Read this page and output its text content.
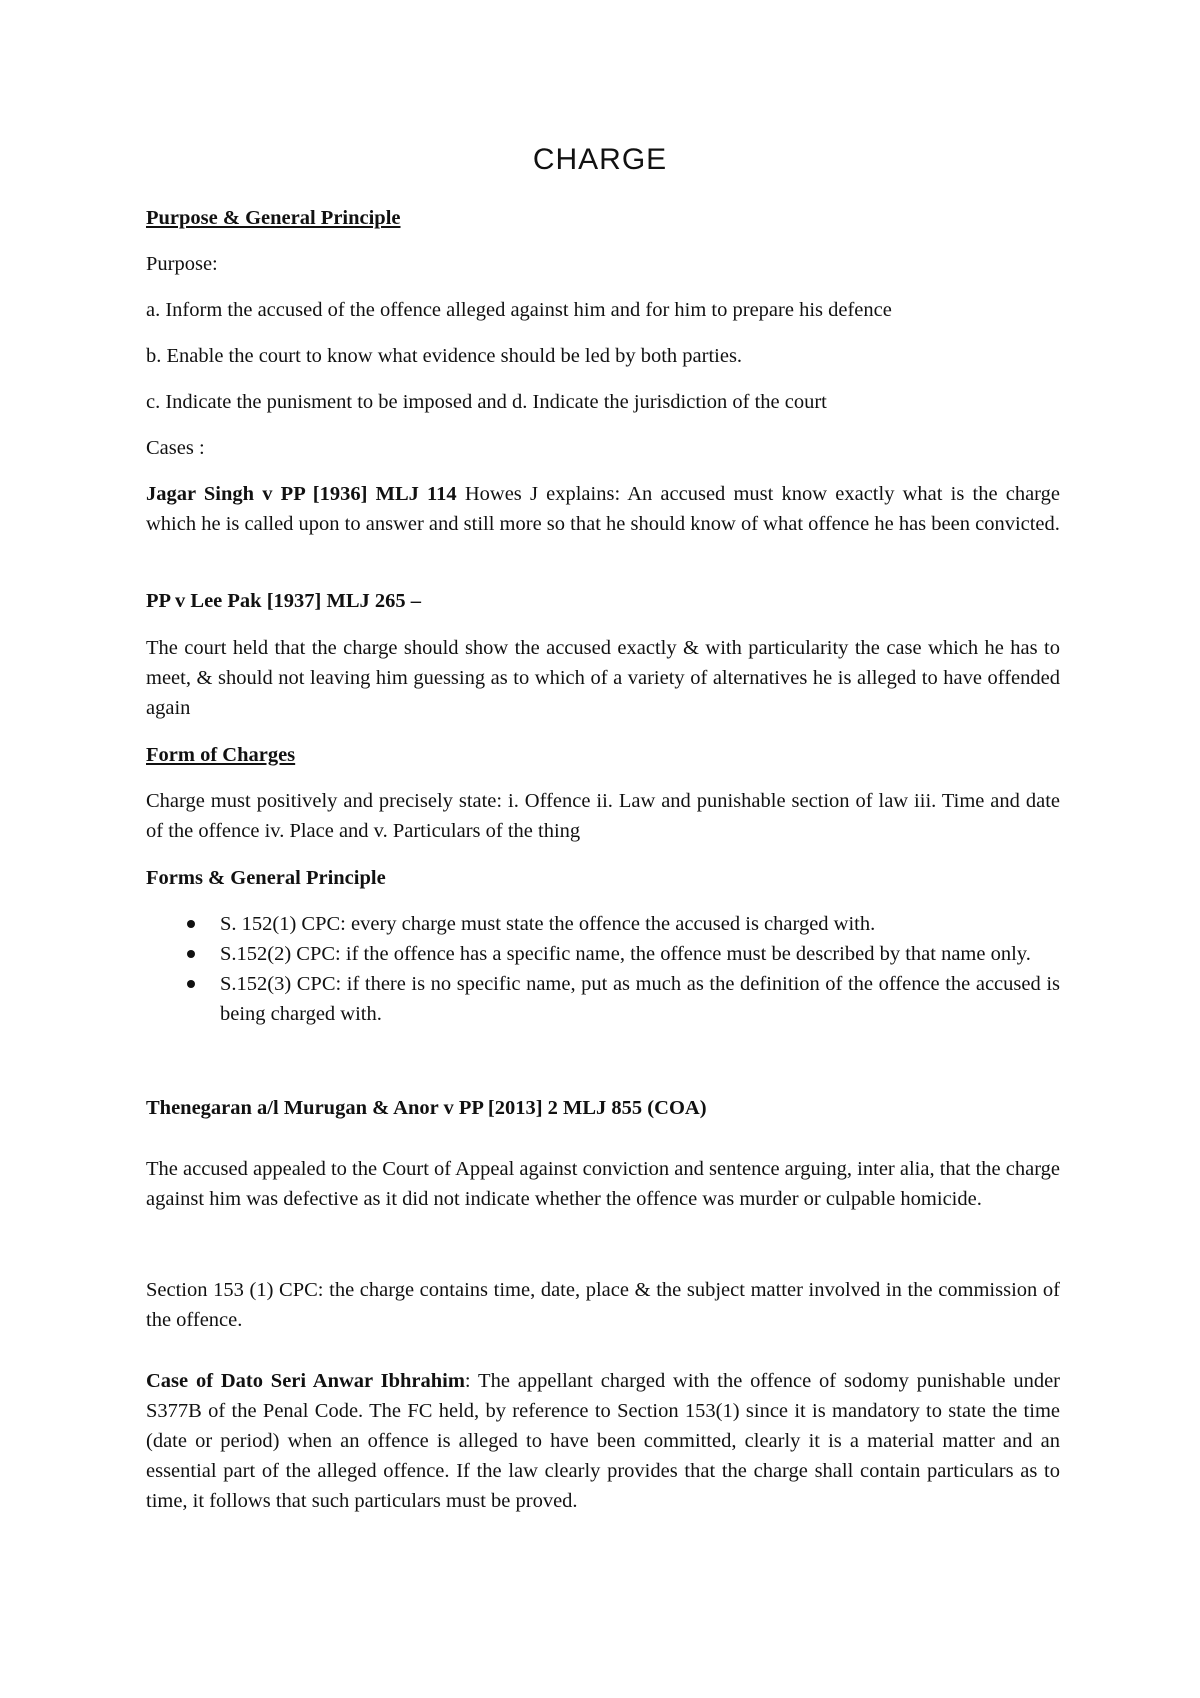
CHARGE

Purpose & General Principle

Purpose:

a. Inform the accused of the offence alleged against him and for him to prepare his defence

b. Enable the court to know what evidence should be led by both parties.

c. Indicate the punisment to be imposed and d. Indicate the jurisdiction of the court

Cases :

Jagar Singh v PP [1936] MLJ 114 Howes J explains: An accused must know exactly what is the charge which he is called upon to answer and still more so that he should know of what offence he has been convicted.

PP v Lee Pak [1937] MLJ 265 –

The court held that the charge should show the accused exactly & with particularity the case which he has to meet, & should not leaving him guessing as to which of a variety of alternatives he is alleged to have offended again

Form of Charges

Charge must positively and precisely state: i. Offence ii. Law and punishable section of law iii. Time and date of the offence iv. Place and v. Particulars of the thing

Forms & General Principle

S. 152(1) CPC: every charge must state the offence the accused is charged with.
S.152(2) CPC: if the offence has a specific name, the offence must be described by that name only.
S.152(3) CPC: if there is no specific name, put as much as the definition of the offence the accused is being charged with.

Thenegaran a/l Murugan & Anor v PP [2013] 2 MLJ 855 (COA)

The accused appealed to the Court of Appeal against conviction and sentence arguing, inter alia, that the charge against him was defective as it did not indicate whether the offence was murder or culpable homicide.

Section 153 (1) CPC: the charge contains time, date, place & the subject matter involved in the commission of the offence.

Case of Dato Seri Anwar Ibhrahim: The appellant charged with the offence of sodomy punishable under S377B of the Penal Code. The FC held, by reference to Section 153(1) since it is mandatory to state the time (date or period) when an offence is alleged to have been committed, clearly it is a material matter and an essential part of the alleged offence. If the law clearly provides that the charge shall contain particulars as to time, it follows that such particulars must be proved.
